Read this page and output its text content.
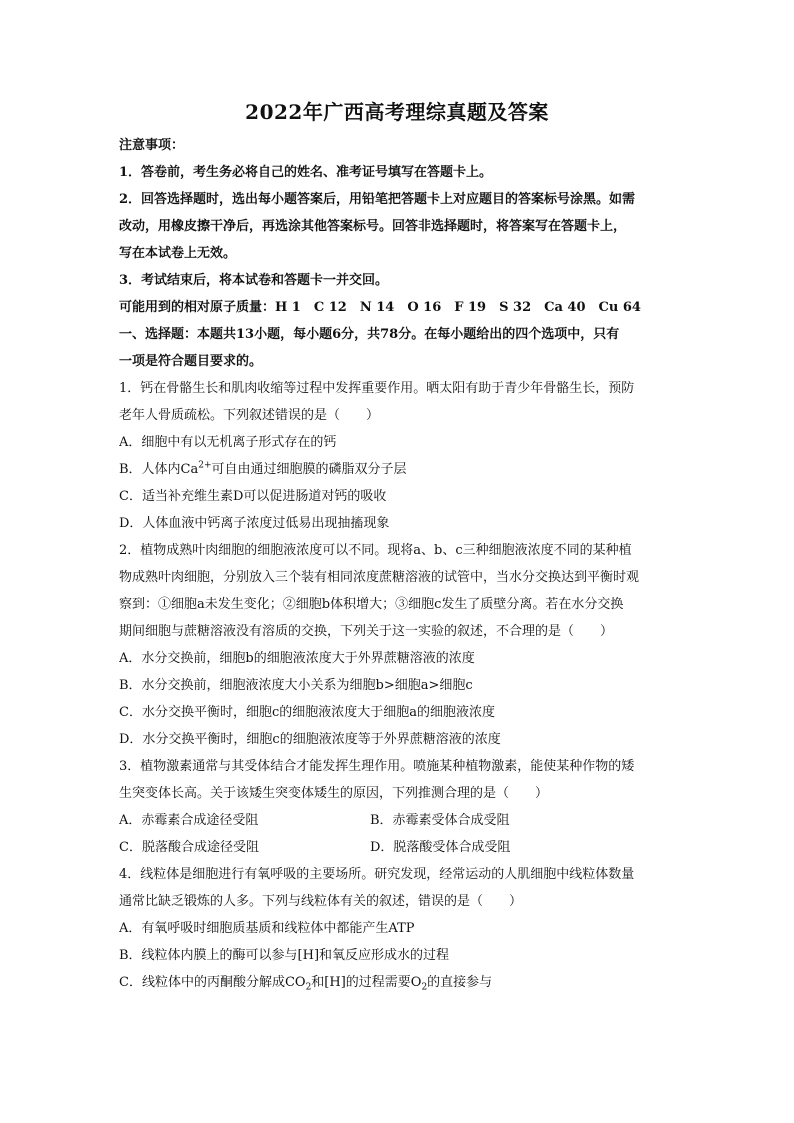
2022年广西高考理综真题及答案
注意事项：
1．答卷前，考生务必将自己的姓名、准考证号填写在答题卡上。
2．回答选择题时，选出每小题答案后，用铅笔把答题卡上对应题目的答案标号涂黑。如需
改动，用橡皮擦干净后，再选涂其他答案标号。回答非选择题时，将答案写在答题卡上，
写在本试卷上无效。
3．考试结束后，将本试卷和答题卡一并交回。
可能用到的相对原子质量：H 1　C 12　N 14　O 16　F 19　S 32　Ca 40　Cu 64
一、选择题：本题共13小题，每小题6分，共78分。在每小题给出的四个选项中，只有
一项是符合题目要求的。
1．钙在骨骼生长和肌肉收缩等过程中发挥重要作用。晒太阳有助于青少年骨骼生长，预防
老年人骨质疏松。下列叙述错误的是（　　）
A．细胞中有以无机离子形式存在的钙
B．人体内$Ca^{2+}$可自由通过细胞膜的磷脂双分子层
C．适当补充维生素D可以促进肠道对钙的吸收
D．人体血液中钙离子浓度过低易出现抽搐现象
2．植物成熟叶肉细胞的细胞液浓度可以不同。现将a、b、c三种细胞液浓度不同的某种植
物成熟叶肉细胞，分别放入三个装有相同浓度蔗糖溶液的试管中，当水分交换达到平衡时观
察到：①细胞a未发生变化；②细胞b体积增大；③细胞c发生了质壁分离。若在水分交换
期间细胞与蔗糖溶液没有溶质的交换，下列关于这一实验的叙述，不合理的是（　　）
A．水分交换前，细胞b的细胞液浓度大于外界蔗糖溶液的浓度
B．水分交换前，细胞液浓度大小关系为细胞b>细胞a>细胞c
C．水分交换平衡时，细胞c的细胞液浓度大于细胞a的细胞液浓度
D．水分交换平衡时，细胞c的细胞液浓度等于外界蔗糖溶液的浓度
3．植物激素通常与其受体结合才能发挥生理作用。喷施某种植物激素，能使某种作物的矮
生突变体长高。关于该矮生突变体矮生的原因，下列推测合理的是（　　）
A．赤霉素合成途径受阻	B．赤霉素受体合成受阻
C．脱落酸合成途径受阻	D．脱落酸受体合成受阻
4．线粒体是细胞进行有氧呼吸的主要场所。研究发现，经常运动的人肌细胞中线粒体数量
通常比缺乏锻炼的人多。下列与线粒体有关的叙述，错误的是（　　）
A．有氧呼吸时细胞质基质和线粒体中都能产生ATP
B．线粒体内膜上的酶可以参与[H]和氧反应形成水的过程
C．线粒体中的丙酮酸分解成$CO_2$和[H]的过程需要$O_2$的直接参与
